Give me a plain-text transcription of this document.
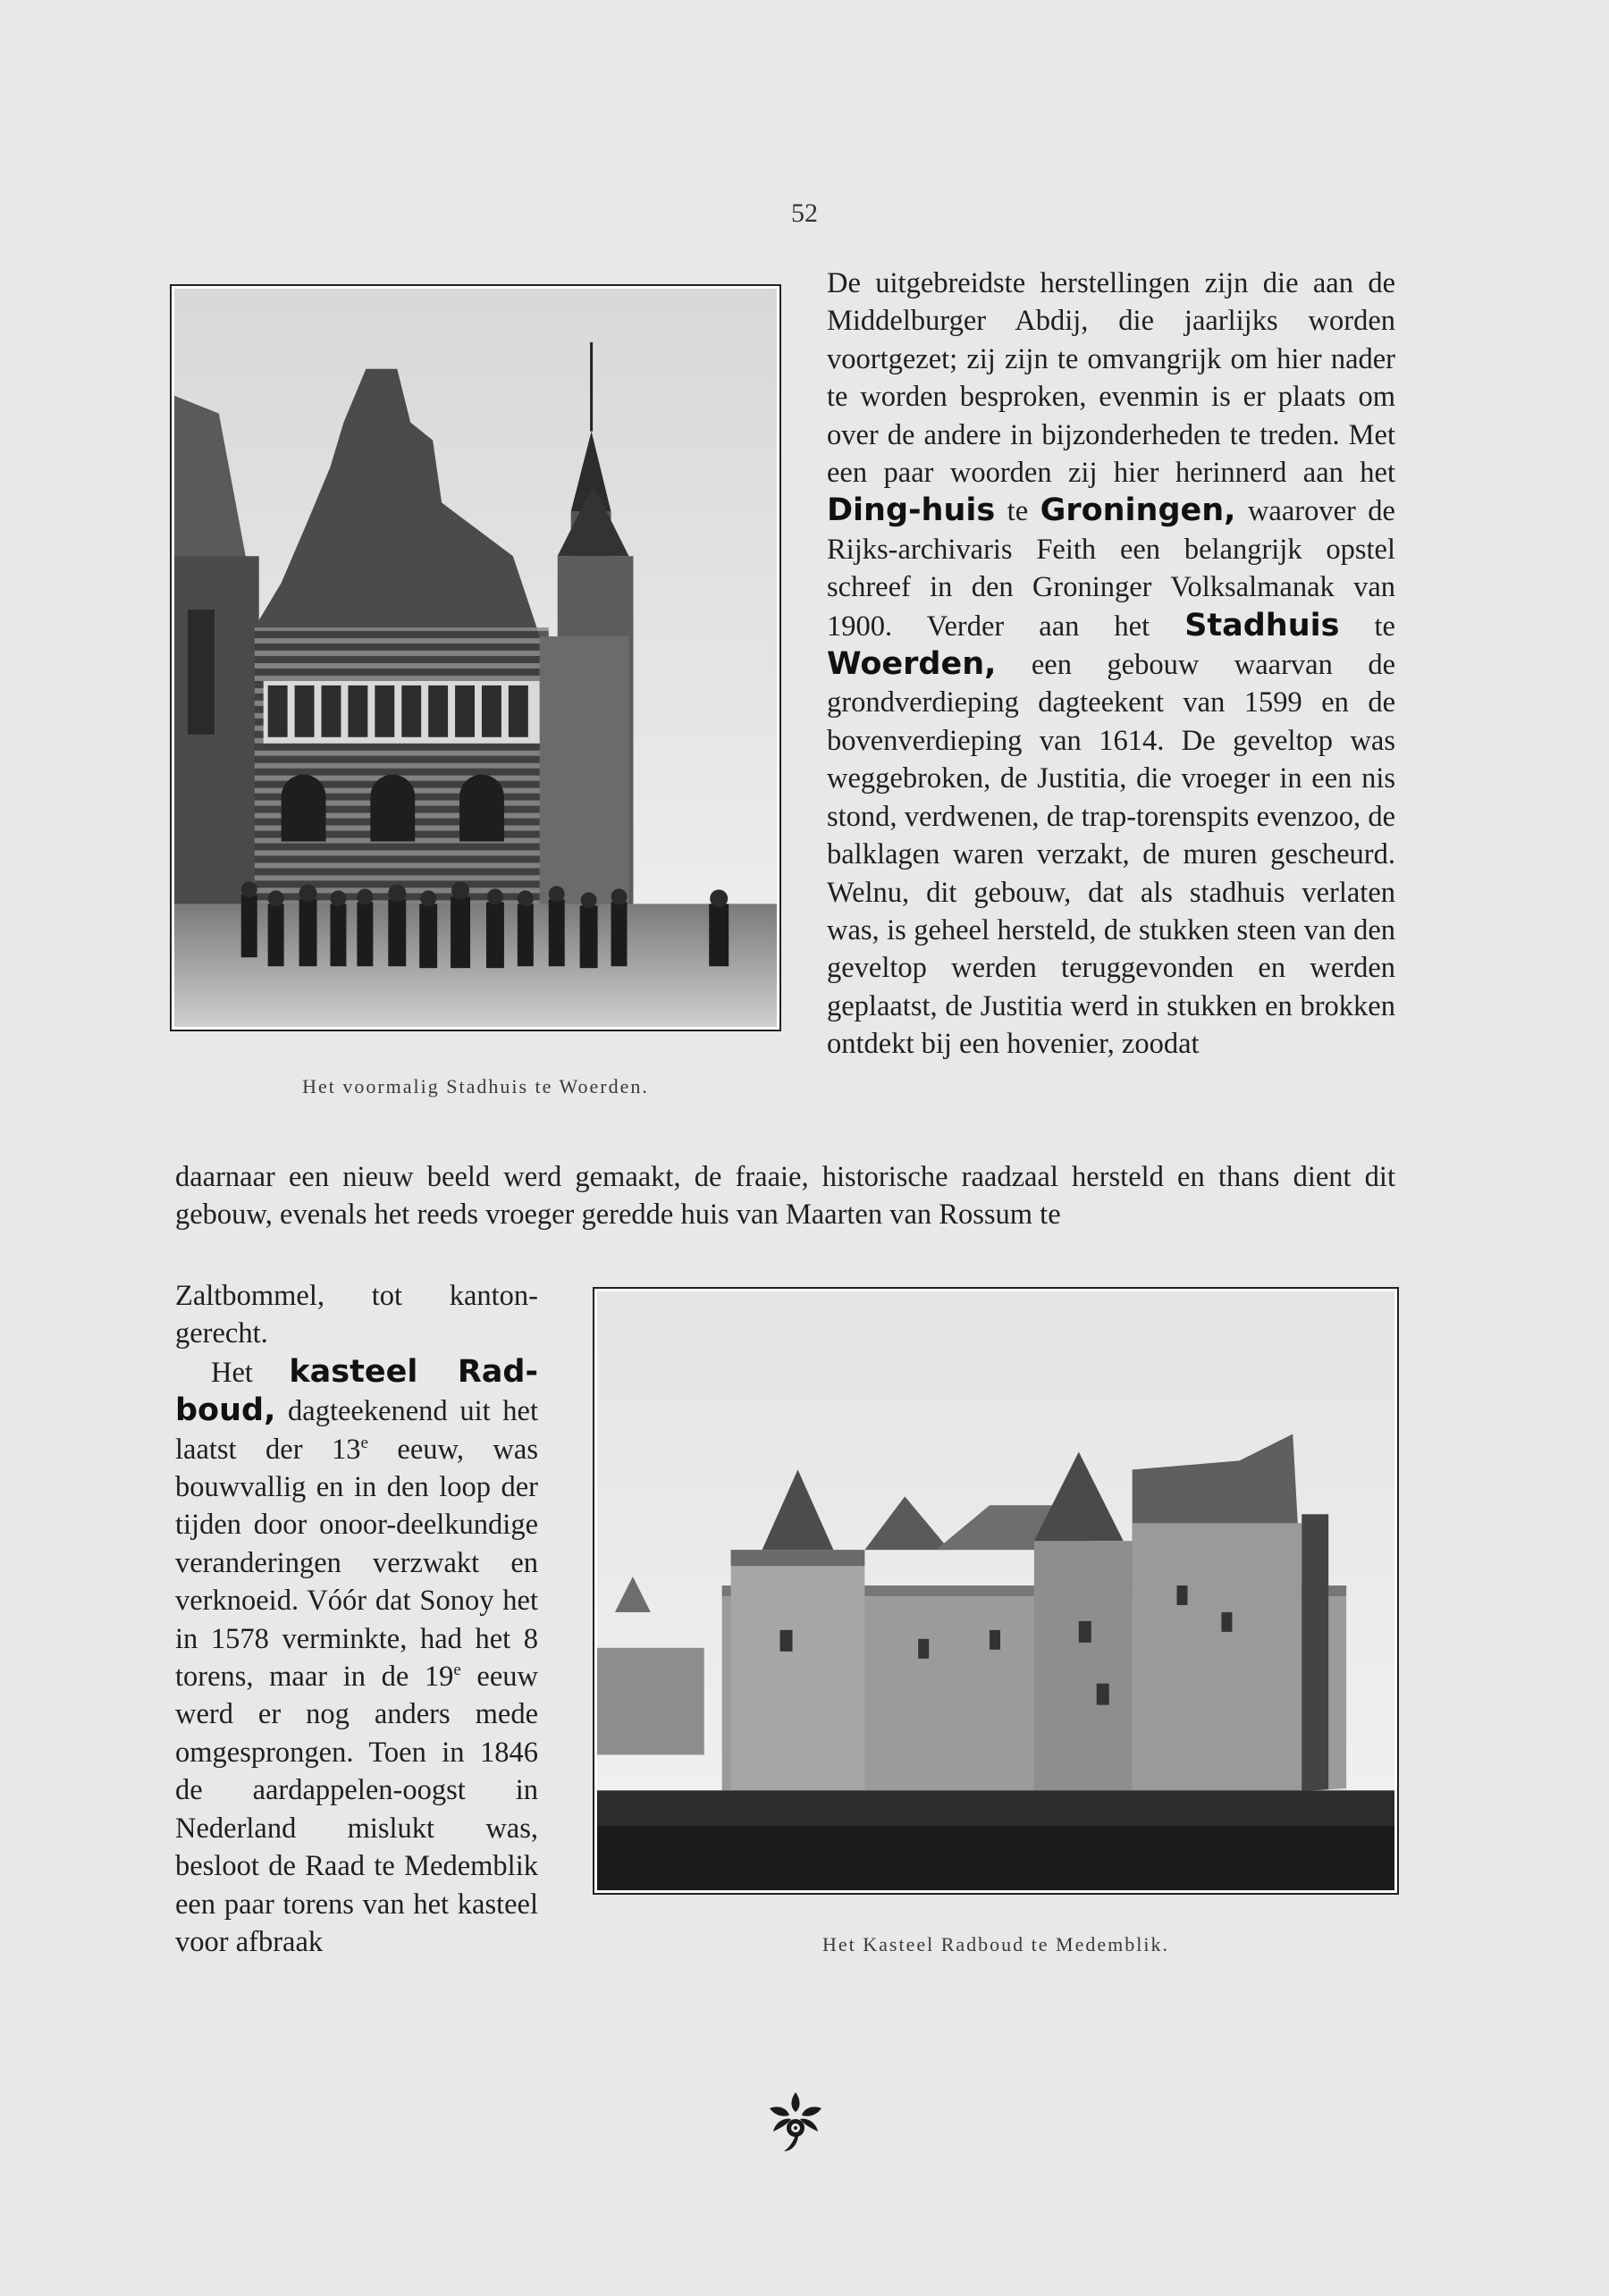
52
Het voormalig Stadhuis te Woerden.

De uitgebreidste herstellingen zijn die aan de Middelburger Abdij, die jaarlijks worden voortgezet; zij zijn te omvangrijk om hier nader te worden besproken, evenmin is er plaats om over de andere in bijzonderheden te treden. Met een paar woorden zij hier herinnerd aan het Ding-huis te Groningen, waarover de Rijks-archivaris Feith een belangrijk opstel schreef in den Groninger Volksalmanak van 1900. Verder aan het Stadhuis te Woerden, een gebouw waarvan de grondverdieping dagteekent van 1599 en de bovenverdieping van 1614. De geveltop was weggebroken, de Justitia, die vroeger in een nis stond, verdwenen, de trap-torenspits evenzoo, de balklagen waren verzakt, de muren gescheurd. Welnu, dit gebouw, dat als stadhuis verlaten was, is geheel hersteld, de stukken steen van den geveltop werden teruggevonden en werden geplaatst, de Justitia werd in stukken en brokken ontdekt bij een hovenier, zoodat

daarnaar een nieuw beeld werd gemaakt, de fraaie, historische raadzaal hersteld en thans dient dit gebouw, evenals het reeds vroeger geredde huis van Maarten van Rossum te

Zaltbommel, tot kanton-gerecht.
Het kasteel Rad-boud, dagteekenend uit het laatst der 13e eeuw, was bouwvallig en in den loop der tijden door onoor-deelkundige veranderingen verzwakt en verknoeid. Vóór dat Sonoy het in 1578 verminkte, had het 8 torens, maar in de 19e eeuw werd er nog anders mede omgesprongen. Toen in 1846 de aardappelen-oogst in Nederland mislukt was, besloot de Raad te Medemblik een paar torens van het kasteel voor afbraak	Het Kasteel Radboud te Medemblik.
